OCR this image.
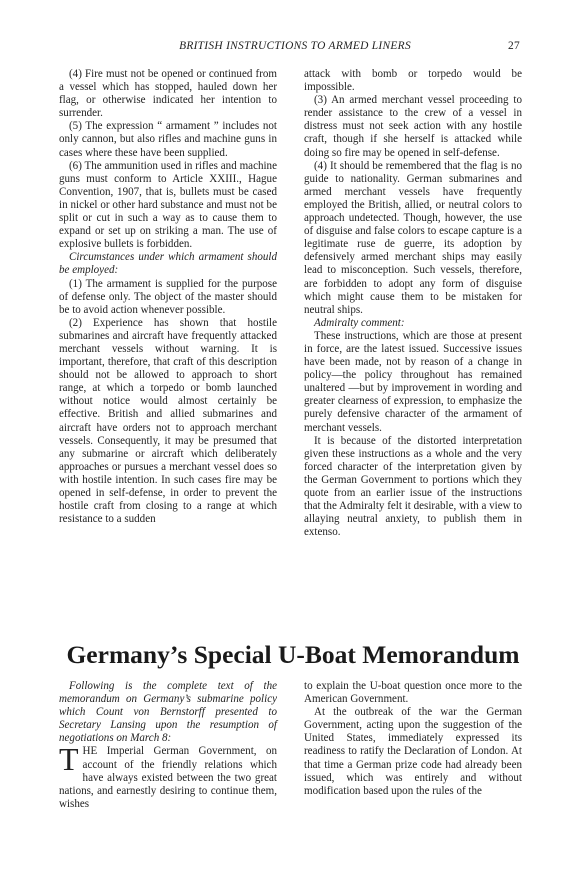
BRITISH INSTRUCTIONS TO ARMED LINERS	27

(4) Fire must not be opened or continued from a vessel which has stopped, hauled down her flag, or otherwise indicated her intention to surrender.

(5) The expression “ armament ” includes not only cannon, but also rifles and machine guns in cases where these have been supplied.

(6) The ammunition used in rifles and machine guns must conform to Article XXIII., Hague Convention, 1907, that is, bullets must be cased in nickel or other hard substance and must not be split or cut in such a way as to cause them to expand or set up on striking a man. The use of explosive bullets is forbidden.

Circumstances under which armament should be employed:

(1) The armament is supplied for the purpose of defense only. The object of the master should be to avoid action whenever possible.

(2) Experience has shown that hostile submarines and aircraft have frequently attacked merchant vessels without warning. It is important, therefore, that craft of this description should not be allowed to approach to short range, at which a torpedo or bomb launched without notice would almost certainly be effective. British and allied submarines and aircraft have orders not to approach merchant vessels. Consequently, it may be presumed that any submarine or aircraft which deliberately approaches or pursues a merchant vessel does so with hostile intention. In such cases fire may be opened in self-defense, in order to prevent the hostile craft from closing to a range at which resistance to a sudden

attack with bomb or torpedo would be impossible.

(3) An armed merchant vessel proceeding to render assistance to the crew of a vessel in distress must not seek action with any hostile craft, though if she herself is attacked while doing so fire may be opened in self-defense.

(4) It should be remembered that the flag is no guide to nationality. German submarines and armed merchant vessels have frequently employed the British, allied, or neutral colors to approach undetected. Though, however, the use of disguise and false colors to escape capture is a legitimate ruse de guerre, its adoption by defensively armed merchant ships may easily lead to misconception. Such vessels, therefore, are forbidden to adopt any form of disguise which might cause them to be mistaken for neutral ships.

Admiralty comment:

These instructions, which are those at present in force, are the latest issued. Successive issues have been made, not by reason of a change in policy—the policy throughout has remained unaltered —but by improvement in wording and greater clearness of expression, to emphasize the purely defensive character of the armament of merchant vessels.

It is because of the distorted interpretation given these instructions as a whole and the very forced character of the interpretation given by the German Government to portions which they quote from an earlier issue of the instructions that the Admiralty felt it desirable, with a view to allaying neutral anxiety, to publish them in extenso.

Germany’s Special U-Boat Memorandum

Following is the complete text of the memorandum on Germany’s submarine policy which Count von Bernstorff presented to Secretary Lansing upon the resumption of negotiations on March 8:

THE Imperial German Government, on account of the friendly relations which have always existed between the two great nations, and earnestly desiring to continue them, wishes

to explain the U-boat question once more to the American Government.

At the outbreak of the war the German Government, acting upon the suggestion of the United States, immediately expressed its readiness to ratify the Declaration of London. At that time a German prize code had already been issued, which was entirely and without modification based upon the rules of the
